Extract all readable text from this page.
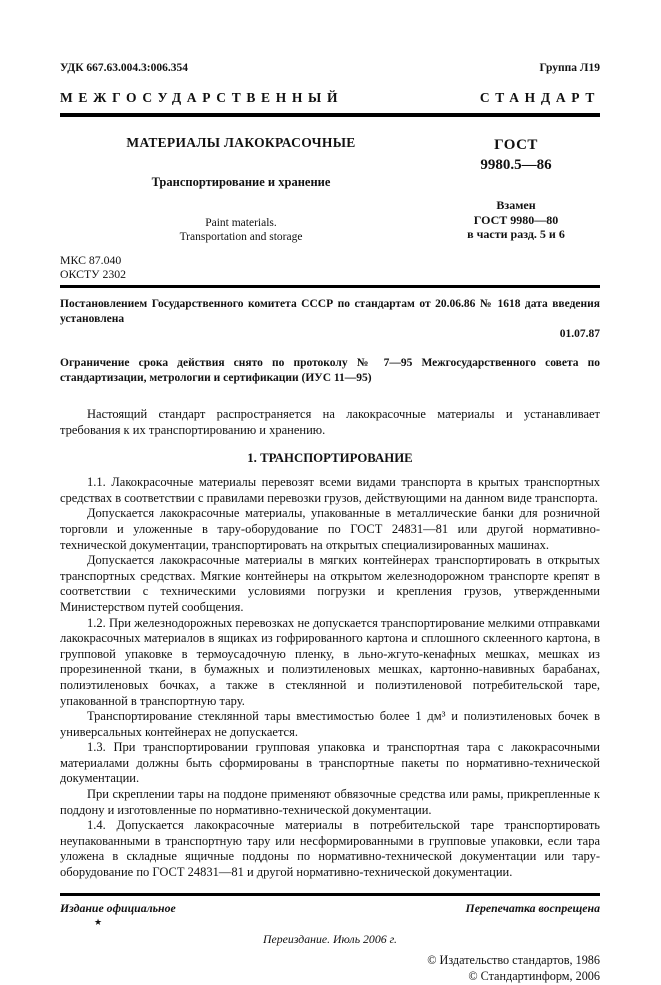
УДК 667.63.004.3:006.354	Группа Л19
МЕЖГОСУДАРСТВЕННЫЙ	СТАНДАРТ
МАТЕРИАЛЫ ЛАКОКРАСОЧНЫЕ
Транспортирование и хранение
Paint materials.
Transportation and storage
ГОСТ
9980.5—86
Взамен
ГОСТ 9980—80
в части разд. 5 и 6
МКС 87.040
ОКСТУ 2302
Постановлением Государственного комитета СССР по стандартам от 20.06.86 № 1618 дата введения установлена
01.07.87
Ограничение срока действия снято по протоколу № 7—95 Межгосударственного совета по стандартизации, метрологии и сертификации (ИУС 11—95)

Настоящий стандарт распространяется на лакокрасочные материалы и устанавливает требования к их транспортированию и хранению.

1. ТРАНСПОРТИРОВАНИЕ

1.1. Лакокрасочные материалы перевозят всеми видами транспорта в крытых транспортных средствах в соответствии с правилами перевозки грузов, действующими на данном виде транспорта.

Допускается лакокрасочные материалы, упакованные в металлические банки для розничной торговли и уложенные в тару-оборудование по ГОСТ 24831—81 или другой нормативно-технической документации, транспортировать на открытых специализированных машинах.

Допускается лакокрасочные материалы в мягких контейнерах транспортировать в открытых транспортных средствах. Мягкие контейнеры на открытом железнодорожном транспорте крепят в соответствии с техническими условиями погрузки и крепления грузов, утвержденными Министерством путей сообщения.

1.2. При железнодорожных перевозках не допускается транспортирование мелкими отправками лакокрасочных материалов в ящиках из гофрированного картона и сплошного склеенного картона, в групповой упаковке в термоусадочную пленку, в льно-жгуто-кенафных мешках, мешках из прорезиненной ткани, в бумажных и полиэтиленовых мешках, картонно-навивных барабанах, полиэтиленовых бочках, а также в стеклянной и полиэтиленовой потребительской таре, упакованной в транспортную тару.

Транспортирование стеклянной тары вместимостью более 1 дм³ и полиэтиленовых бочек в универсальных контейнерах не допускается.

1.3. При транспортировании групповая упаковка и транспортная тара с лакокрасочными материалами должны быть сформированы в транспортные пакеты по нормативно-технической документации.

При скреплении тары на поддоне применяют обвязочные средства или рамы, прикрепленные к поддону и изготовленные по нормативно-технической документации.

1.4. Допускается лакокрасочные материалы в потребительской таре транспортировать неупакованными в транспортную тару или несформированными в групповые упаковки, если тара уложена в складные ящичные поддоны по нормативно-технической документации или тару-оборудование по ГОСТ 24831—81 и другой нормативно-технической документации.

Издание официальное	Перепечатка воспрещена
★
Переиздание. Июль 2006 г.
© Издательство стандартов, 1986
© Стандартинформ, 2006
